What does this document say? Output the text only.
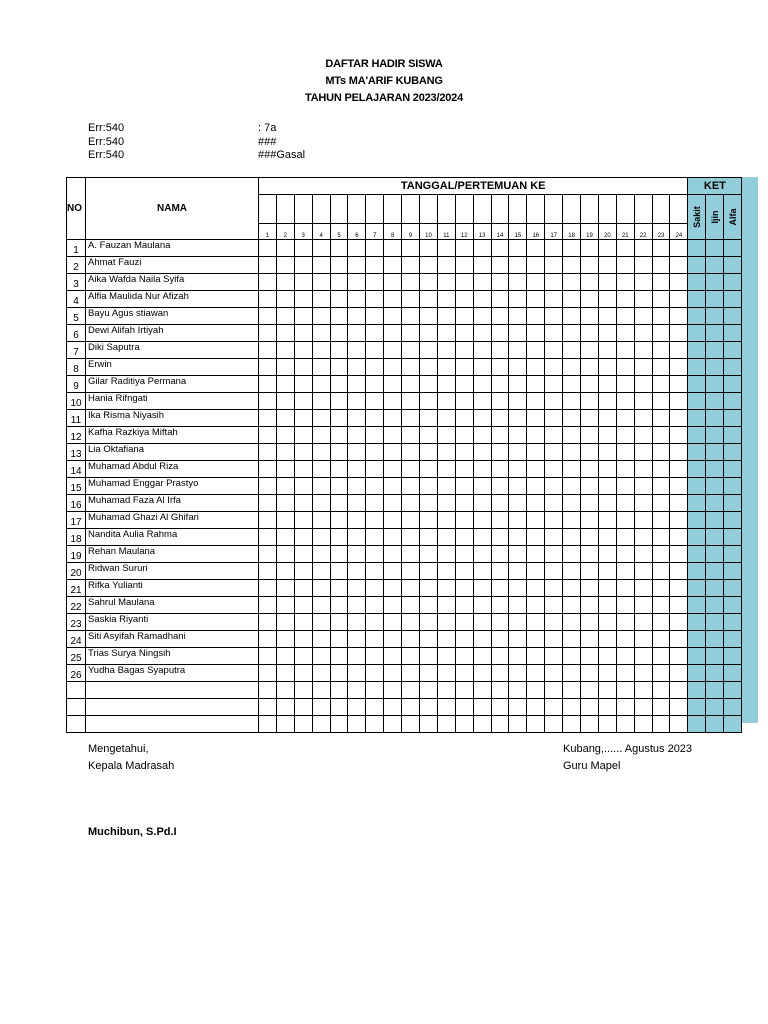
DAFTAR HADIR SISWA
MTs MA'ARIF KUBANG
TAHUN PELAJARAN 2023/2024
Err:540	: 7a
Err:540	###
Err:540	###Gasal
NO	NAMA	TANGGAL/PERTEMUAN KE																								KET		

																										Sakit	Ijin	Alfa

		1	2	3	4	5	6	7	8	9	10	11	12	13	14	15	16	17	18	19	20	21	22	23	24			
1	A. Fauzan Maulana																											
2	Ahmat Fauzi																											
3	Aika Wafda Naila Syifa																											
4	Alfia Maulida Nur Afizah																											
5	Bayu Agus stiawan																											
6	Dewi Alifah Irtiyah																											
7	Diki Saputra																											
8	Erwin																											
9	Gilar Raditiya Permana																											
10	Hania Rifngati																											
11	Ika Risma Niyasih																											
12	Kafha Razkiya Miftah																											
13	Lia Oktafiana																											
14	Muhamad Abdul Riza																											
15	Muhamad Enggar Prastyo																											
16	Muhamad Faza Al Irfa																											
17	Muhamad Ghazi Al Ghifari																											
18	Nandita Aulia Rahma																											
19	Rehan Maulana																											
20	Ridwan Sururi																											
21	Rifka Yulianti																											
22	Sahrul Maulana																											
23	Saskia Riyanti																											
24	Siti Asyifah Ramadhani																											
25	Trias Surya Ningsih																											
26	Yudha Bagas Syaputra																											

Mengetahui,
Kepala Madrasah
Kubang,...... Agustus 2023
Guru Mapel
Muchibun, S.Pd.I
